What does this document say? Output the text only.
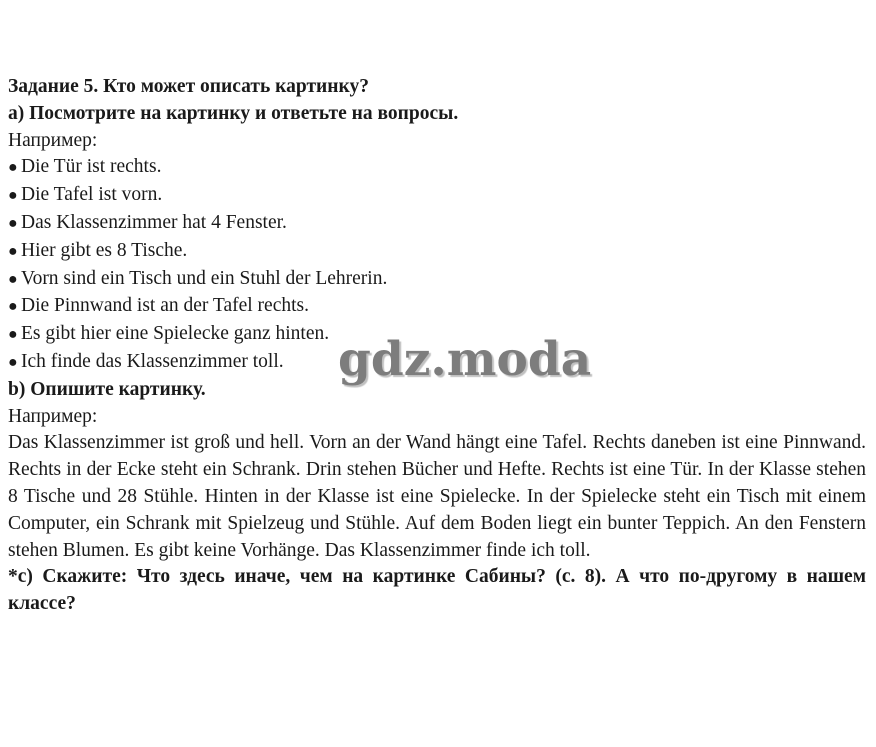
Задание 5. Кто может описать картинку?
а) Посмотрите на картинку и ответьте на вопросы.
Например:
● Die Tür ist rechts.
● Die Tafel ist vorn.
● Das Klassenzimmer hat 4 Fenster.
● Hier gibt es 8 Tische.
● Vorn sind ein Tisch und ein Stuhl der Lehrerin.
● Die Pinnwand ist an der Tafel rechts.
● Es gibt hier eine Spielecke ganz hinten.
● Ich finde das Klassenzimmer toll.
b) Опишите картинку.
Например:
Das Klassenzimmer ist groß und hell. Vorn an der Wand hängt eine Tafel. Rechts daneben ist eine Pinnwand. Rechts in der Ecke steht ein Schrank. Drin stehen Bücher und Hefte. Rechts ist eine Tür. In der Klasse stehen 8 Tische und 28 Stühle. Hinten in der Klasse ist eine Spielecke. In der Spielecke steht ein Tisch mit einem Computer, ein Schrank mit Spielzeug und Stühle. Auf dem Boden liegt ein bunter Teppich. An den Fenstern stehen Blumen. Es gibt keine Vorhänge. Das Klassenzimmer finde ich toll.
*c) Скажите: Что здесь иначе, чем на картинке Сабины? (с. 8). А что по-другому в нашем классе?
gdz.moda
